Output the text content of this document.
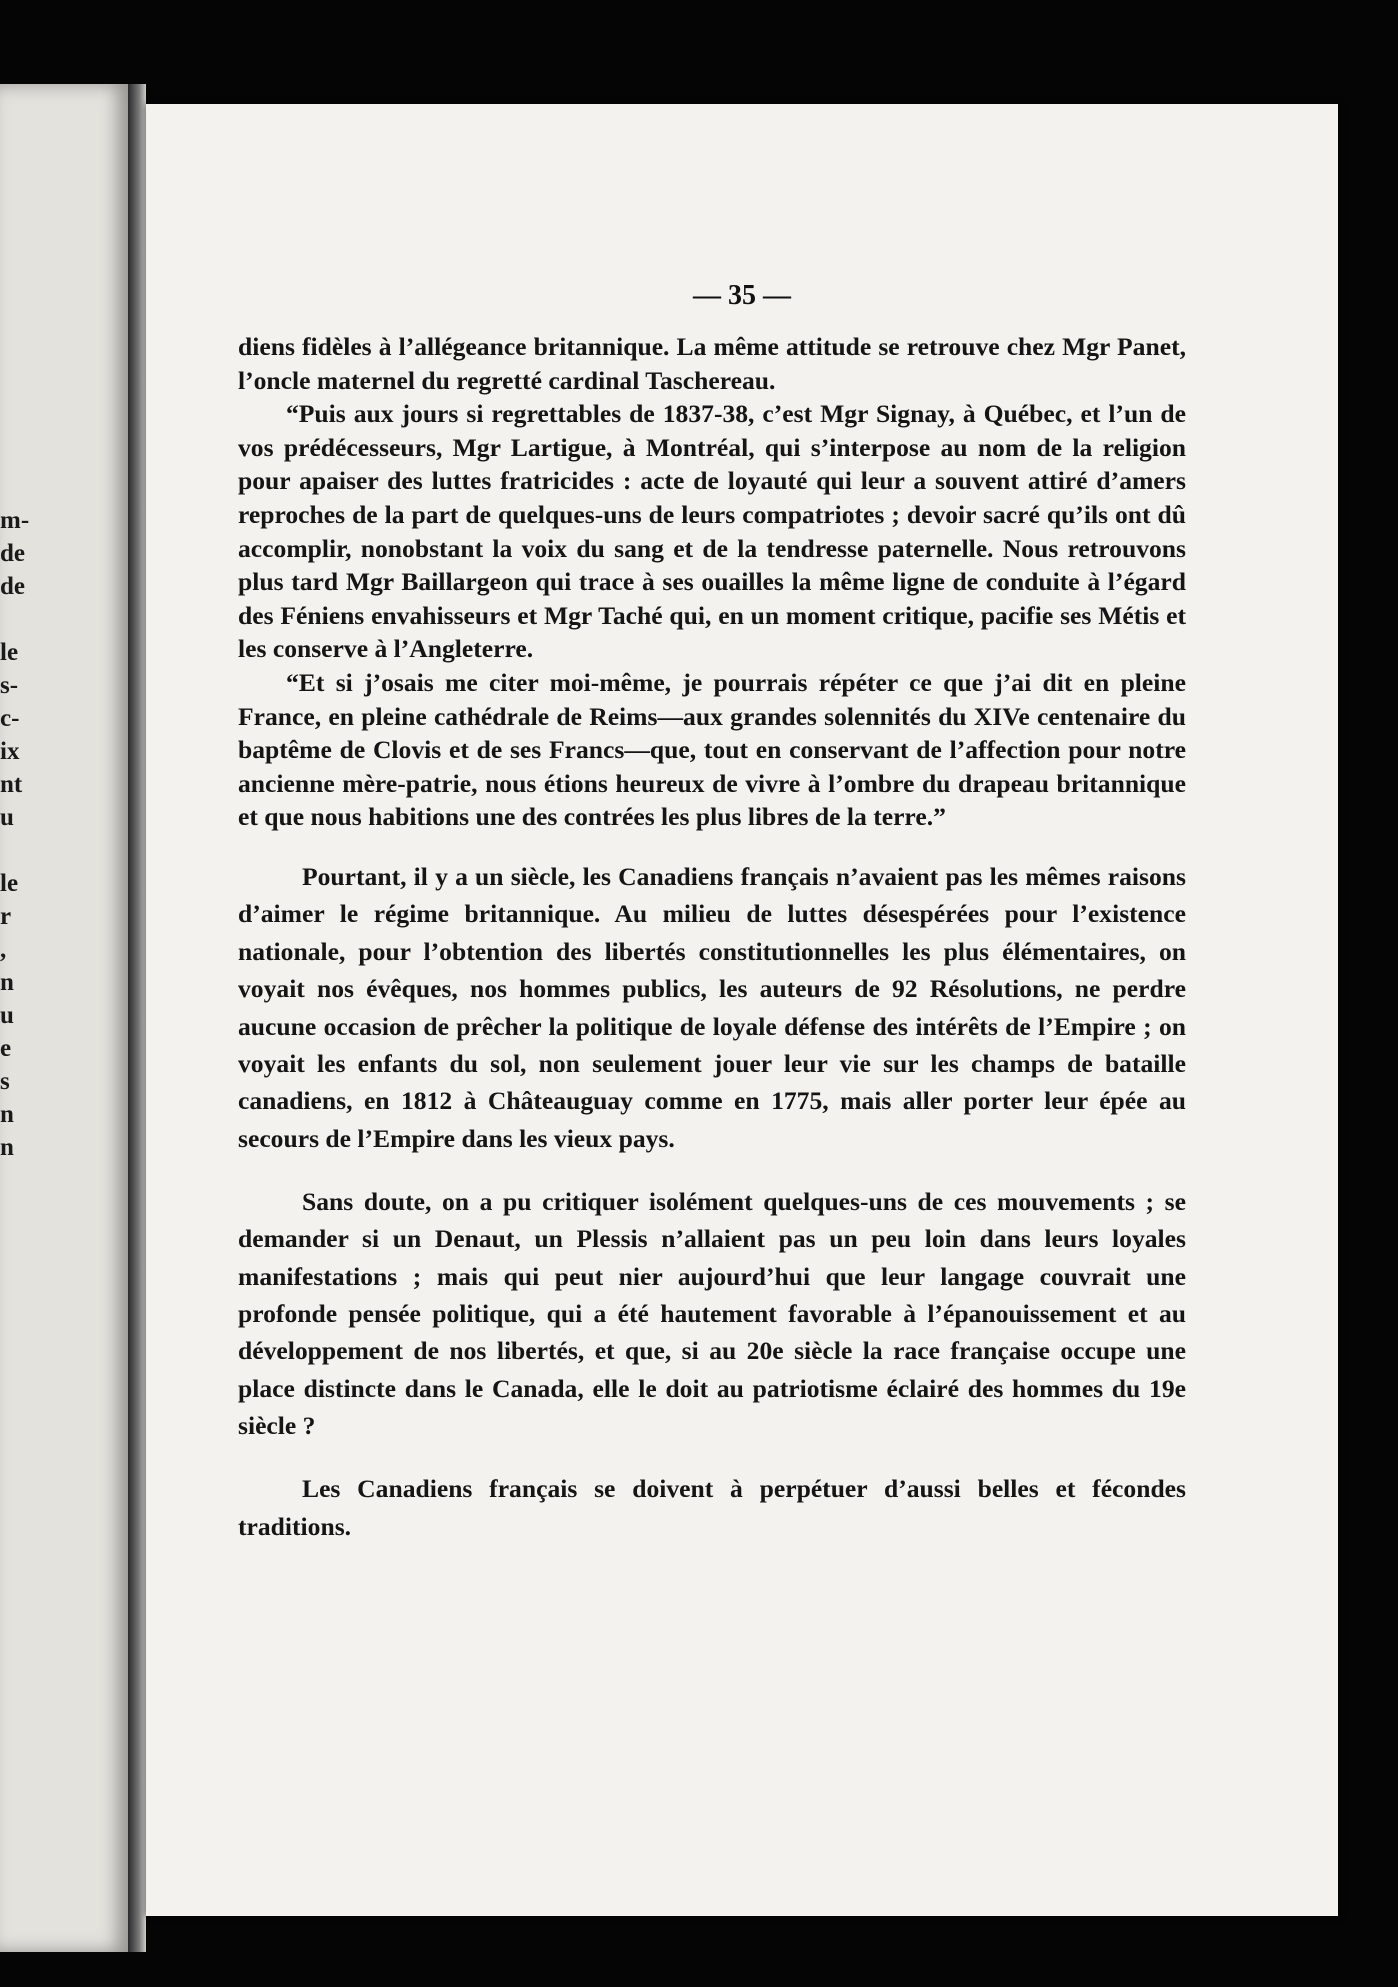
m-
de
de
le
s-
c-
ix
nt
u
le
r
,
n
u
e
s
n
n
— 35 —

diens fidèles à l’allégeance britannique. La même attitude se retrouve chez Mgr Panet, l’oncle maternel du regretté cardinal Taschereau.

“Puis aux jours si regrettables de 1837-38, c’est Mgr Signay, à Québec, et l’un de vos prédécesseurs, Mgr Lartigue, à Montréal, qui s’interpose au nom de la religion pour apaiser des luttes fratricides : acte de loyauté qui leur a souvent attiré d’amers reproches de la part de quelques-uns de leurs compatriotes ; devoir sacré qu’ils ont dû accomplir, nonobstant la voix du sang et de la tendresse paternelle. Nous retrouvons plus tard Mgr Baillargeon qui trace à ses ouailles la même ligne de conduite à l’égard des Féniens envahisseurs et Mgr Taché qui, en un moment critique, pacifie ses Métis et les conserve à l’Angleterre.

“Et si j’osais me citer moi-même, je pourrais répéter ce que j’ai dit en pleine France, en pleine cathédrale de Reims—aux grandes solennités du XIVe centenaire du baptême de Clovis et de ses Francs—que, tout en conservant de l’affection pour notre ancienne mère-patrie, nous étions heureux de vivre à l’ombre du drapeau britannique et que nous habitions une des contrées les plus libres de la terre.”

Pourtant, il y a un siècle, les Canadiens français n’avaient pas les mêmes raisons d’aimer le régime britannique. Au milieu de luttes désespérées pour l’existence nationale, pour l’obtention des libertés constitutionnelles les plus élémentaires, on voyait nos évêques, nos hommes publics, les auteurs de 92 Résolutions, ne perdre aucune occasion de prêcher la politique de loyale défense des intérêts de l’Empire ; on voyait les enfants du sol, non seulement jouer leur vie sur les champs de bataille canadiens, en 1812 à Châteauguay comme en 1775, mais aller porter leur épée au secours de l’Empire dans les vieux pays.

Sans doute, on a pu critiquer isolément quelques-uns de ces mouvements ; se demander si un Denaut, un Plessis n’allaient pas un peu loin dans leurs loyales manifestations ; mais qui peut nier aujourd’hui que leur langage couvrait une profonde pensée politique, qui a été hautement favorable à l’épanouissement et au développement de nos libertés, et que, si au 20e siècle la race française occupe une place distincte dans le Canada, elle le doit au patriotisme éclairé des hommes du 19e siècle ?

Les Canadiens français se doivent à perpétuer d’aussi belles et fécondes traditions.
